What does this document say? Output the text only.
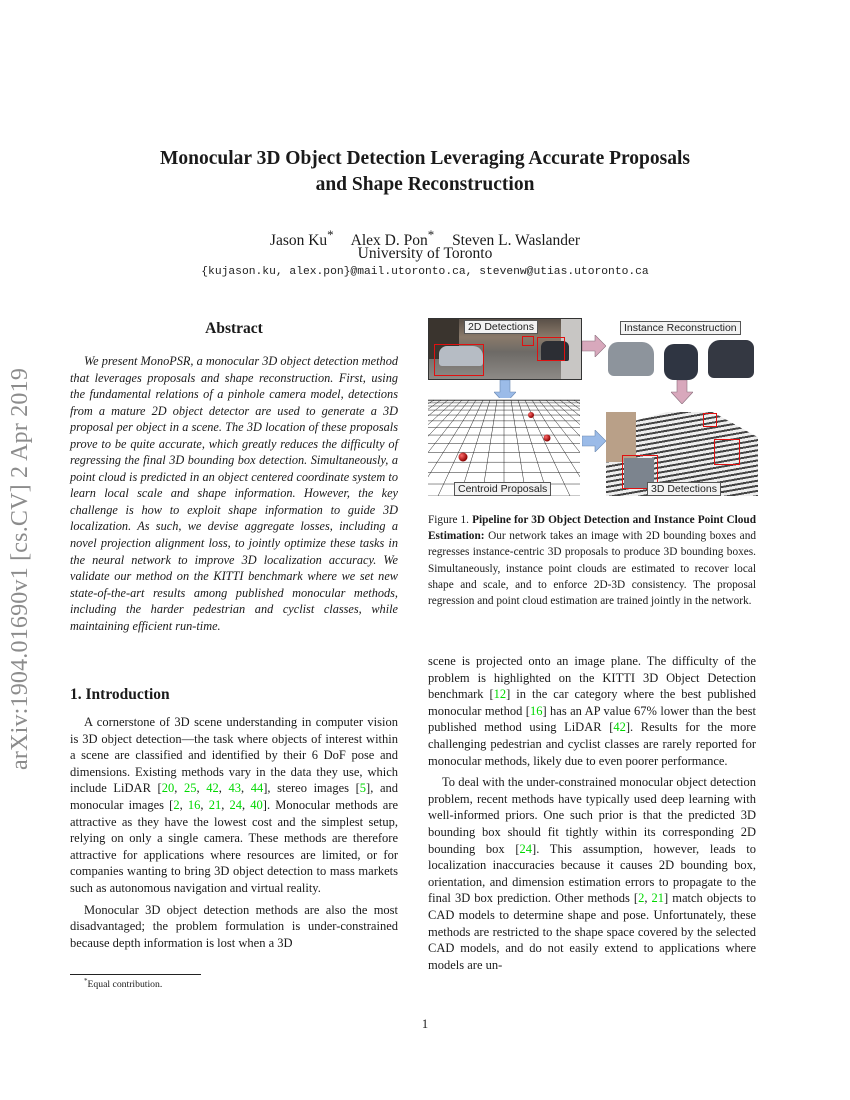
arXiv:1904.01690v1 [cs.CV] 2 Apr 2019
Monocular 3D Object Detection Leveraging Accurate Proposals
and Shape Reconstruction
Jason Ku* Alex D. Pon* Steven L. Waslander
University of Toronto
{kujason.ku, alex.pon}@mail.utoronto.ca, stevenw@utias.utoronto.ca
Abstract
We present MonoPSR, a monocular 3D object detection method that leverages proposals and shape reconstruction. First, using the fundamental relations of a pinhole camera model, detections from a mature 2D object detector are used to generate a 3D proposal per object in a scene. The 3D location of these proposals prove to be quite accurate, which greatly reduces the difficulty of regressing the final 3D bounding box detection. Simultaneously, a point cloud is predicted in an object centered coordinate system to learn local scale and shape information. However, the key challenge is how to exploit shape information to guide 3D localization. As such, we devise aggregate losses, including a novel projection alignment loss, to jointly optimize these tasks in the neural network to improve 3D localization accuracy. We validate our method on the KITTI benchmark where we set new state-of-the-art results among published monocular methods, including the harder pedestrian and cyclist classes, while maintaining efficient run-time.
1. Introduction

A cornerstone of 3D scene understanding in computer vision is 3D object detection—the task where objects of interest within a scene are classified and identified by their 6 DoF pose and dimensions. Existing methods vary in the data they use, which include LiDAR [20, 25, 42, 43, 44], stereo images [5], and monocular images [2, 16, 21, 24, 40]. Monocular methods are attractive as they have the lowest cost and the simplest setup, relying on only a single camera. These methods are therefore attractive for applications where resources are limited, or for companies wanting to bring 3D object detection to mass markets such as autonomous navigation and virtual reality.

Monocular 3D object detection methods are also the most disadvantaged; the problem formulation is under-constrained because depth information is lost when a 3D

*Equal contribution.
2D Detections	Instance Reconstruction
Centroid Proposals	3D Detections
Figure 1. Pipeline for 3D Object Detection and Instance Point Cloud Estimation: Our network takes an image with 2D bounding boxes and regresses instance-centric 3D proposals to produce 3D bounding boxes. Simultaneously, instance point clouds are estimated to recover local shape and scale, and to enforce 2D-3D consistency. The proposal regression and point cloud estimation are trained jointly in the network.

scene is projected onto an image plane. The difficulty of the problem is highlighted on the KITTI 3D Object Detection benchmark [12] in the car category where the best published monocular method [16] has an AP value 67% lower than the best published method using LiDAR [42]. Results for the more challenging pedestrian and cyclist classes are rarely reported for monocular methods, likely due to even poorer performance.

To deal with the under-constrained monocular object detection problem, recent methods have typically used deep learning with well-informed priors. One such prior is that the predicted 3D bounding box should fit tightly within its corresponding 2D bounding box [24]. This assumption, however, leads to localization inaccuracies because it causes 2D bounding box, orientation, and dimension estimation errors to propagate to the final 3D box prediction. Other methods [2, 21] match objects to CAD models to determine shape and pose. Unfortunately, these methods are restricted to the shape space covered by the selected CAD models, and do not easily extend to applications where models are un-

1
